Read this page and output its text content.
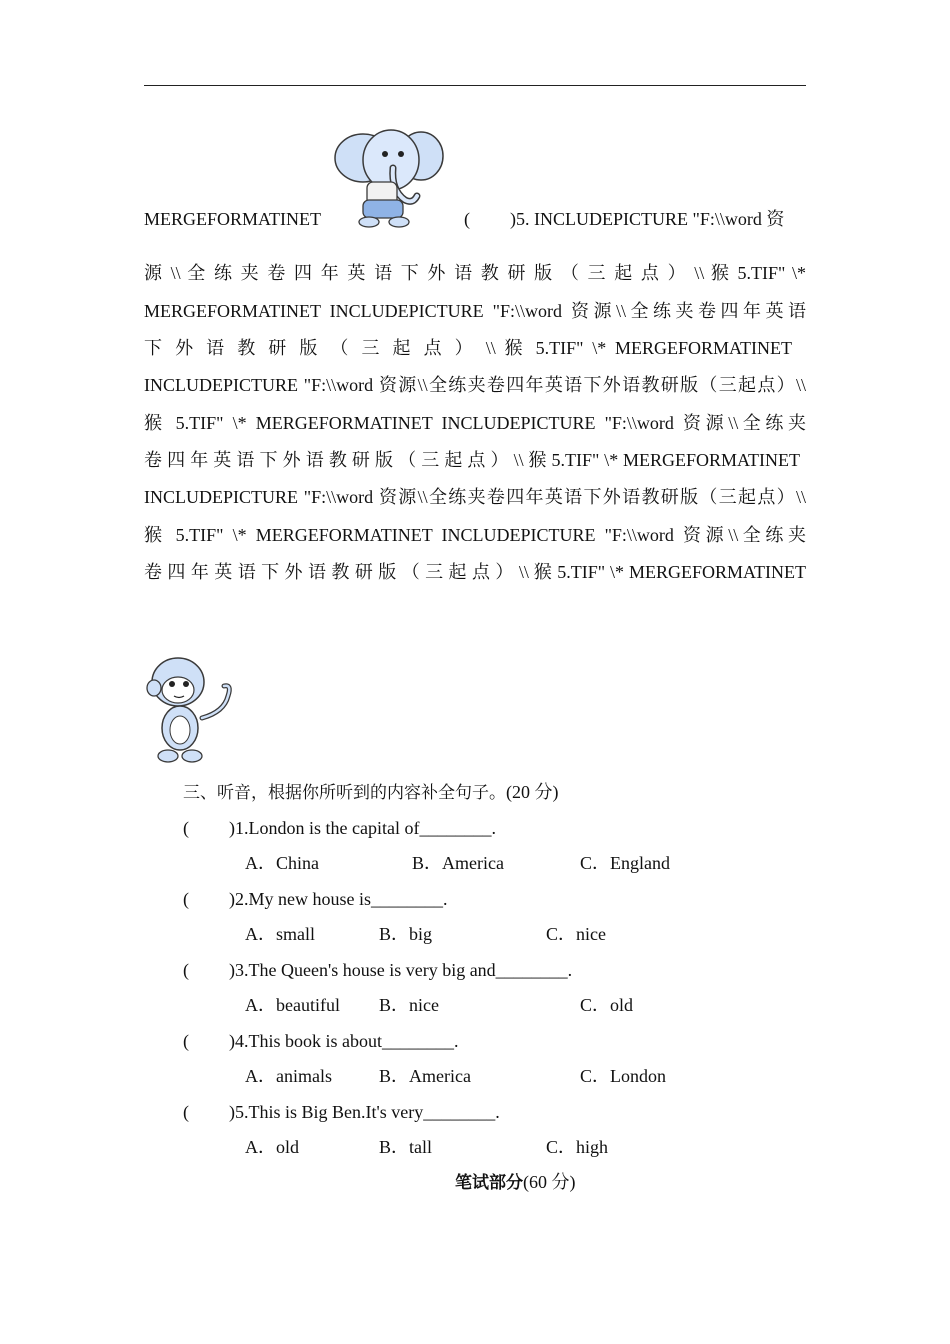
MERGEFORMATINET	( )5. INCLUDEPICTURE "F:\\word 资
源 \\ 全 练 夹 卷 四 年 英 语 下 外 语 教 研 版 （ 三 起 点 ） \\ 猴 5.TIF" \*
MERGEFORMATINET INCLUDEPICTURE "F:\\word 资源\\全练夹卷四年英语
下 外 语 教 研 版 （ 三 起 点 ） \\ 猴 5.TIF" \* MERGEFORMATINET
INCLUDEPICTURE "F:\\word 资源\\全练夹卷四年英语下外语教研版（三起点）\\
猴 5.TIF" \* MERGEFORMATINET INCLUDEPICTURE "F:\\word 资源\\全练夹
卷 四 年 英 语 下 外 语 教 研 版 （ 三 起 点 ） \\ 猴 5.TIF" \* MERGEFORMATINET
INCLUDEPICTURE "F:\\word 资源\\全练夹卷四年英语下外语教研版（三起点）\\
猴 5.TIF" \* MERGEFORMATINET INCLUDEPICTURE "F:\\word 资源\\全练夹
卷 四 年 英 语 下 外 语 教 研 版 （ 三 起 点 ） \\ 猴 5.TIF" \* MERGEFORMATINET
三、听音，根据你所听到的内容补全句子。(20 分)
( )1.London is the capital of________.
A．China	B．America	C．England
( )2.My new house is________.
A．small	B．big	C．nice
( )3.The Queen's house is very big and________.
A．beautiful B．nice	C．old
( )4.This book is about________.
A．animals	B．America	C．London
( )5.This is Big Ben.It's very________.
A．old	B．tall	C．high
笔试部分(60 分)
